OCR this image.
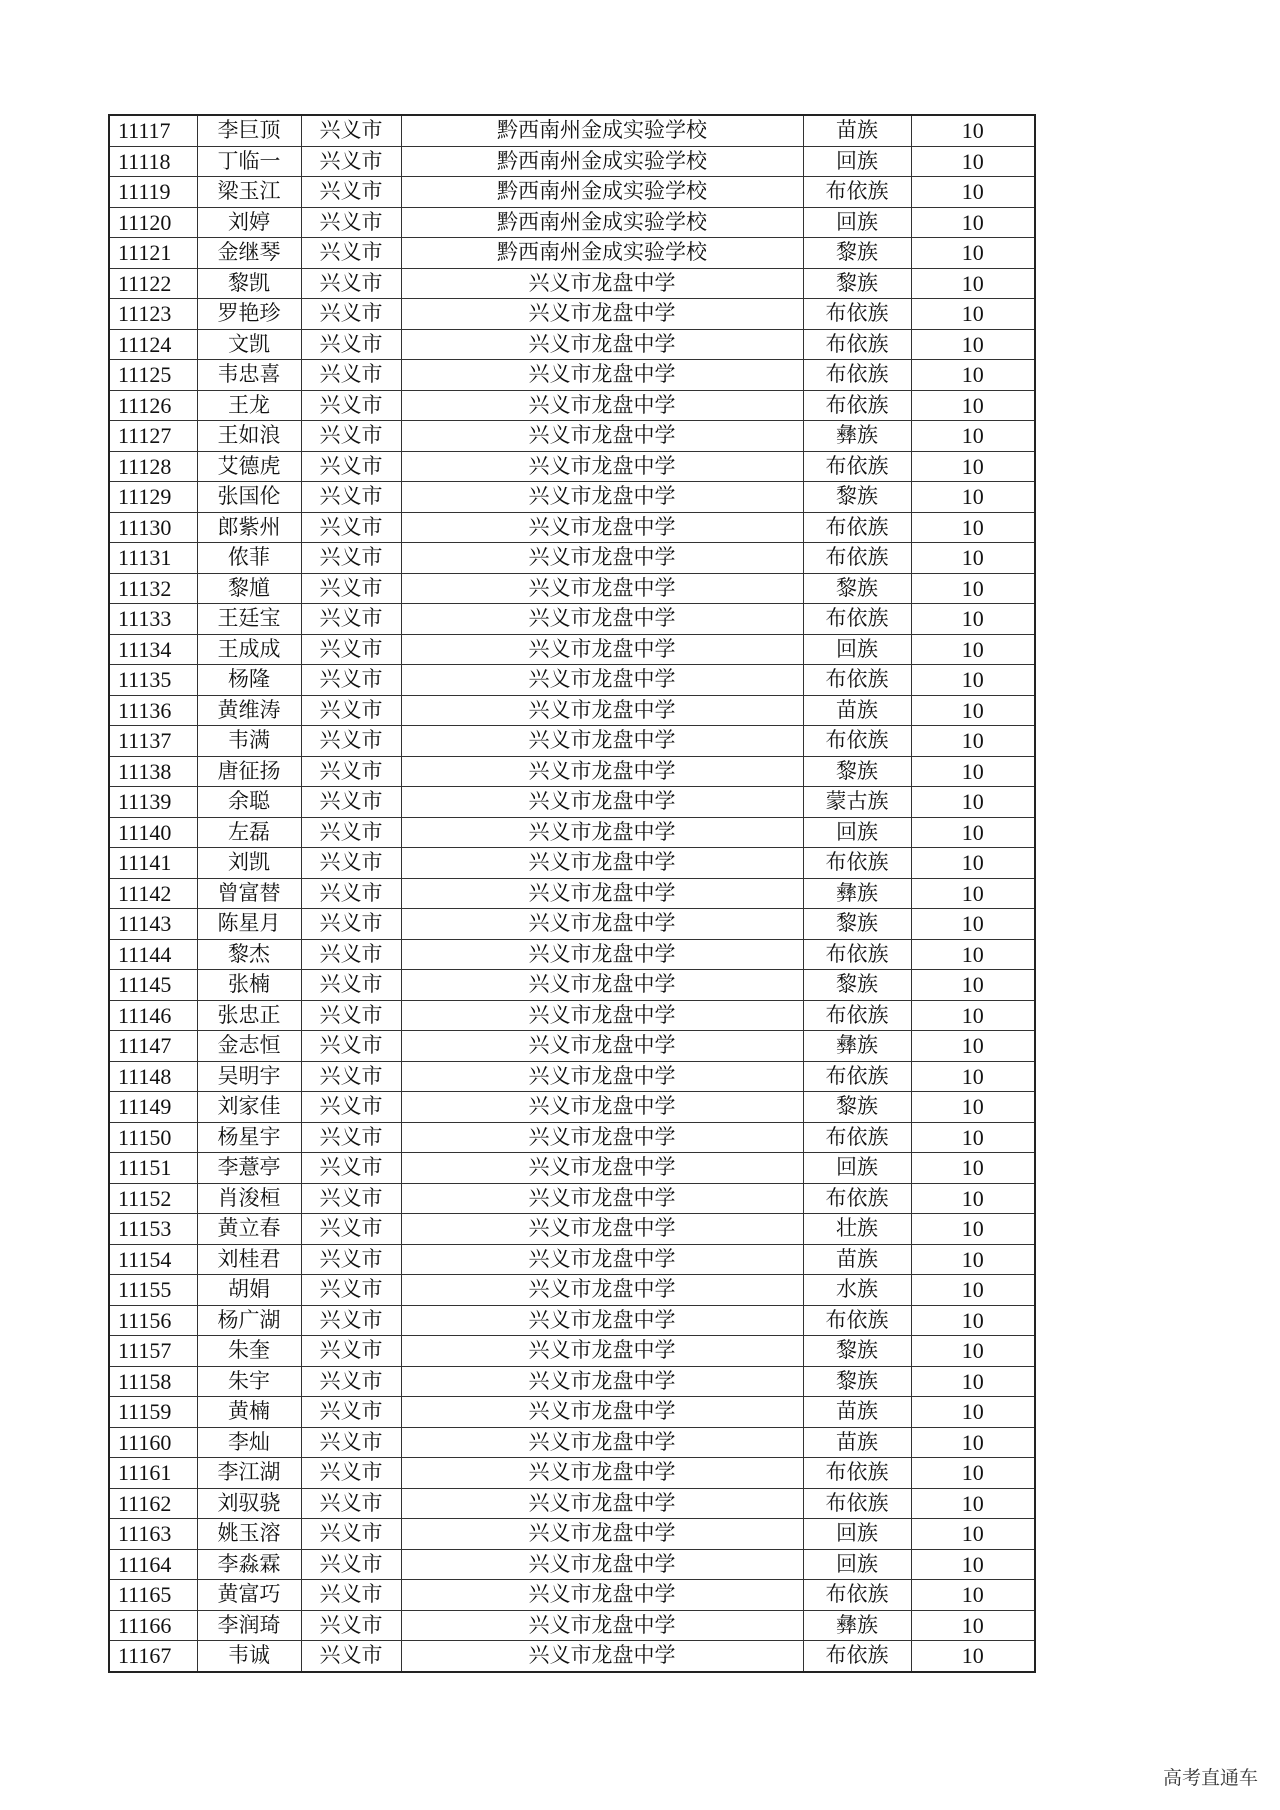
11117	李巨顶	兴义市	黔西南州金成实验学校	苗族	10
11118	丁临一	兴义市	黔西南州金成实验学校	回族	10
11119	梁玉江	兴义市	黔西南州金成实验学校	布依族	10
11120	刘婷	兴义市	黔西南州金成实验学校	回族	10
11121	金继琴	兴义市	黔西南州金成实验学校	黎族	10
11122	黎凯	兴义市	兴义市龙盘中学	黎族	10
11123	罗艳珍	兴义市	兴义市龙盘中学	布依族	10
11124	文凯	兴义市	兴义市龙盘中学	布依族	10
11125	韦忠喜	兴义市	兴义市龙盘中学	布依族	10
11126	王龙	兴义市	兴义市龙盘中学	布依族	10
11127	王如浪	兴义市	兴义市龙盘中学	彝族	10
11128	艾德虎	兴义市	兴义市龙盘中学	布依族	10
11129	张国伦	兴义市	兴义市龙盘中学	黎族	10
11130	郎紫州	兴义市	兴义市龙盘中学	布依族	10
11131	侬菲	兴义市	兴义市龙盘中学	布依族	10
11132	黎馗	兴义市	兴义市龙盘中学	黎族	10
11133	王廷宝	兴义市	兴义市龙盘中学	布依族	10
11134	王成成	兴义市	兴义市龙盘中学	回族	10
11135	杨隆	兴义市	兴义市龙盘中学	布依族	10
11136	黄维涛	兴义市	兴义市龙盘中学	苗族	10
11137	韦满	兴义市	兴义市龙盘中学	布依族	10
11138	唐征扬	兴义市	兴义市龙盘中学	黎族	10
11139	余聪	兴义市	兴义市龙盘中学	蒙古族	10
11140	左磊	兴义市	兴义市龙盘中学	回族	10
11141	刘凯	兴义市	兴义市龙盘中学	布依族	10
11142	曾富替	兴义市	兴义市龙盘中学	彝族	10
11143	陈星月	兴义市	兴义市龙盘中学	黎族	10
11144	黎杰	兴义市	兴义市龙盘中学	布依族	10
11145	张楠	兴义市	兴义市龙盘中学	黎族	10
11146	张忠正	兴义市	兴义市龙盘中学	布依族	10
11147	金志恒	兴义市	兴义市龙盘中学	彝族	10
11148	吴明宇	兴义市	兴义市龙盘中学	布依族	10
11149	刘家佳	兴义市	兴义市龙盘中学	黎族	10
11150	杨星宇	兴义市	兴义市龙盘中学	布依族	10
11151	李薏亭	兴义市	兴义市龙盘中学	回族	10
11152	肖浚桓	兴义市	兴义市龙盘中学	布依族	10
11153	黄立春	兴义市	兴义市龙盘中学	壮族	10
11154	刘桂君	兴义市	兴义市龙盘中学	苗族	10
11155	胡娟	兴义市	兴义市龙盘中学	水族	10
11156	杨广湖	兴义市	兴义市龙盘中学	布依族	10
11157	朱奎	兴义市	兴义市龙盘中学	黎族	10
11158	朱宇	兴义市	兴义市龙盘中学	黎族	10
11159	黄楠	兴义市	兴义市龙盘中学	苗族	10
11160	李灿	兴义市	兴义市龙盘中学	苗族	10
11161	李江湖	兴义市	兴义市龙盘中学	布依族	10
11162	刘驭骁	兴义市	兴义市龙盘中学	布依族	10
11163	姚玉溶	兴义市	兴义市龙盘中学	回族	10
11164	李淼霖	兴义市	兴义市龙盘中学	回族	10
11165	黄富巧	兴义市	兴义市龙盘中学	布依族	10
11166	李润琦	兴义市	兴义市龙盘中学	彝族	10
11167	韦诚	兴义市	兴义市龙盘中学	布依族	10
高考直通车
